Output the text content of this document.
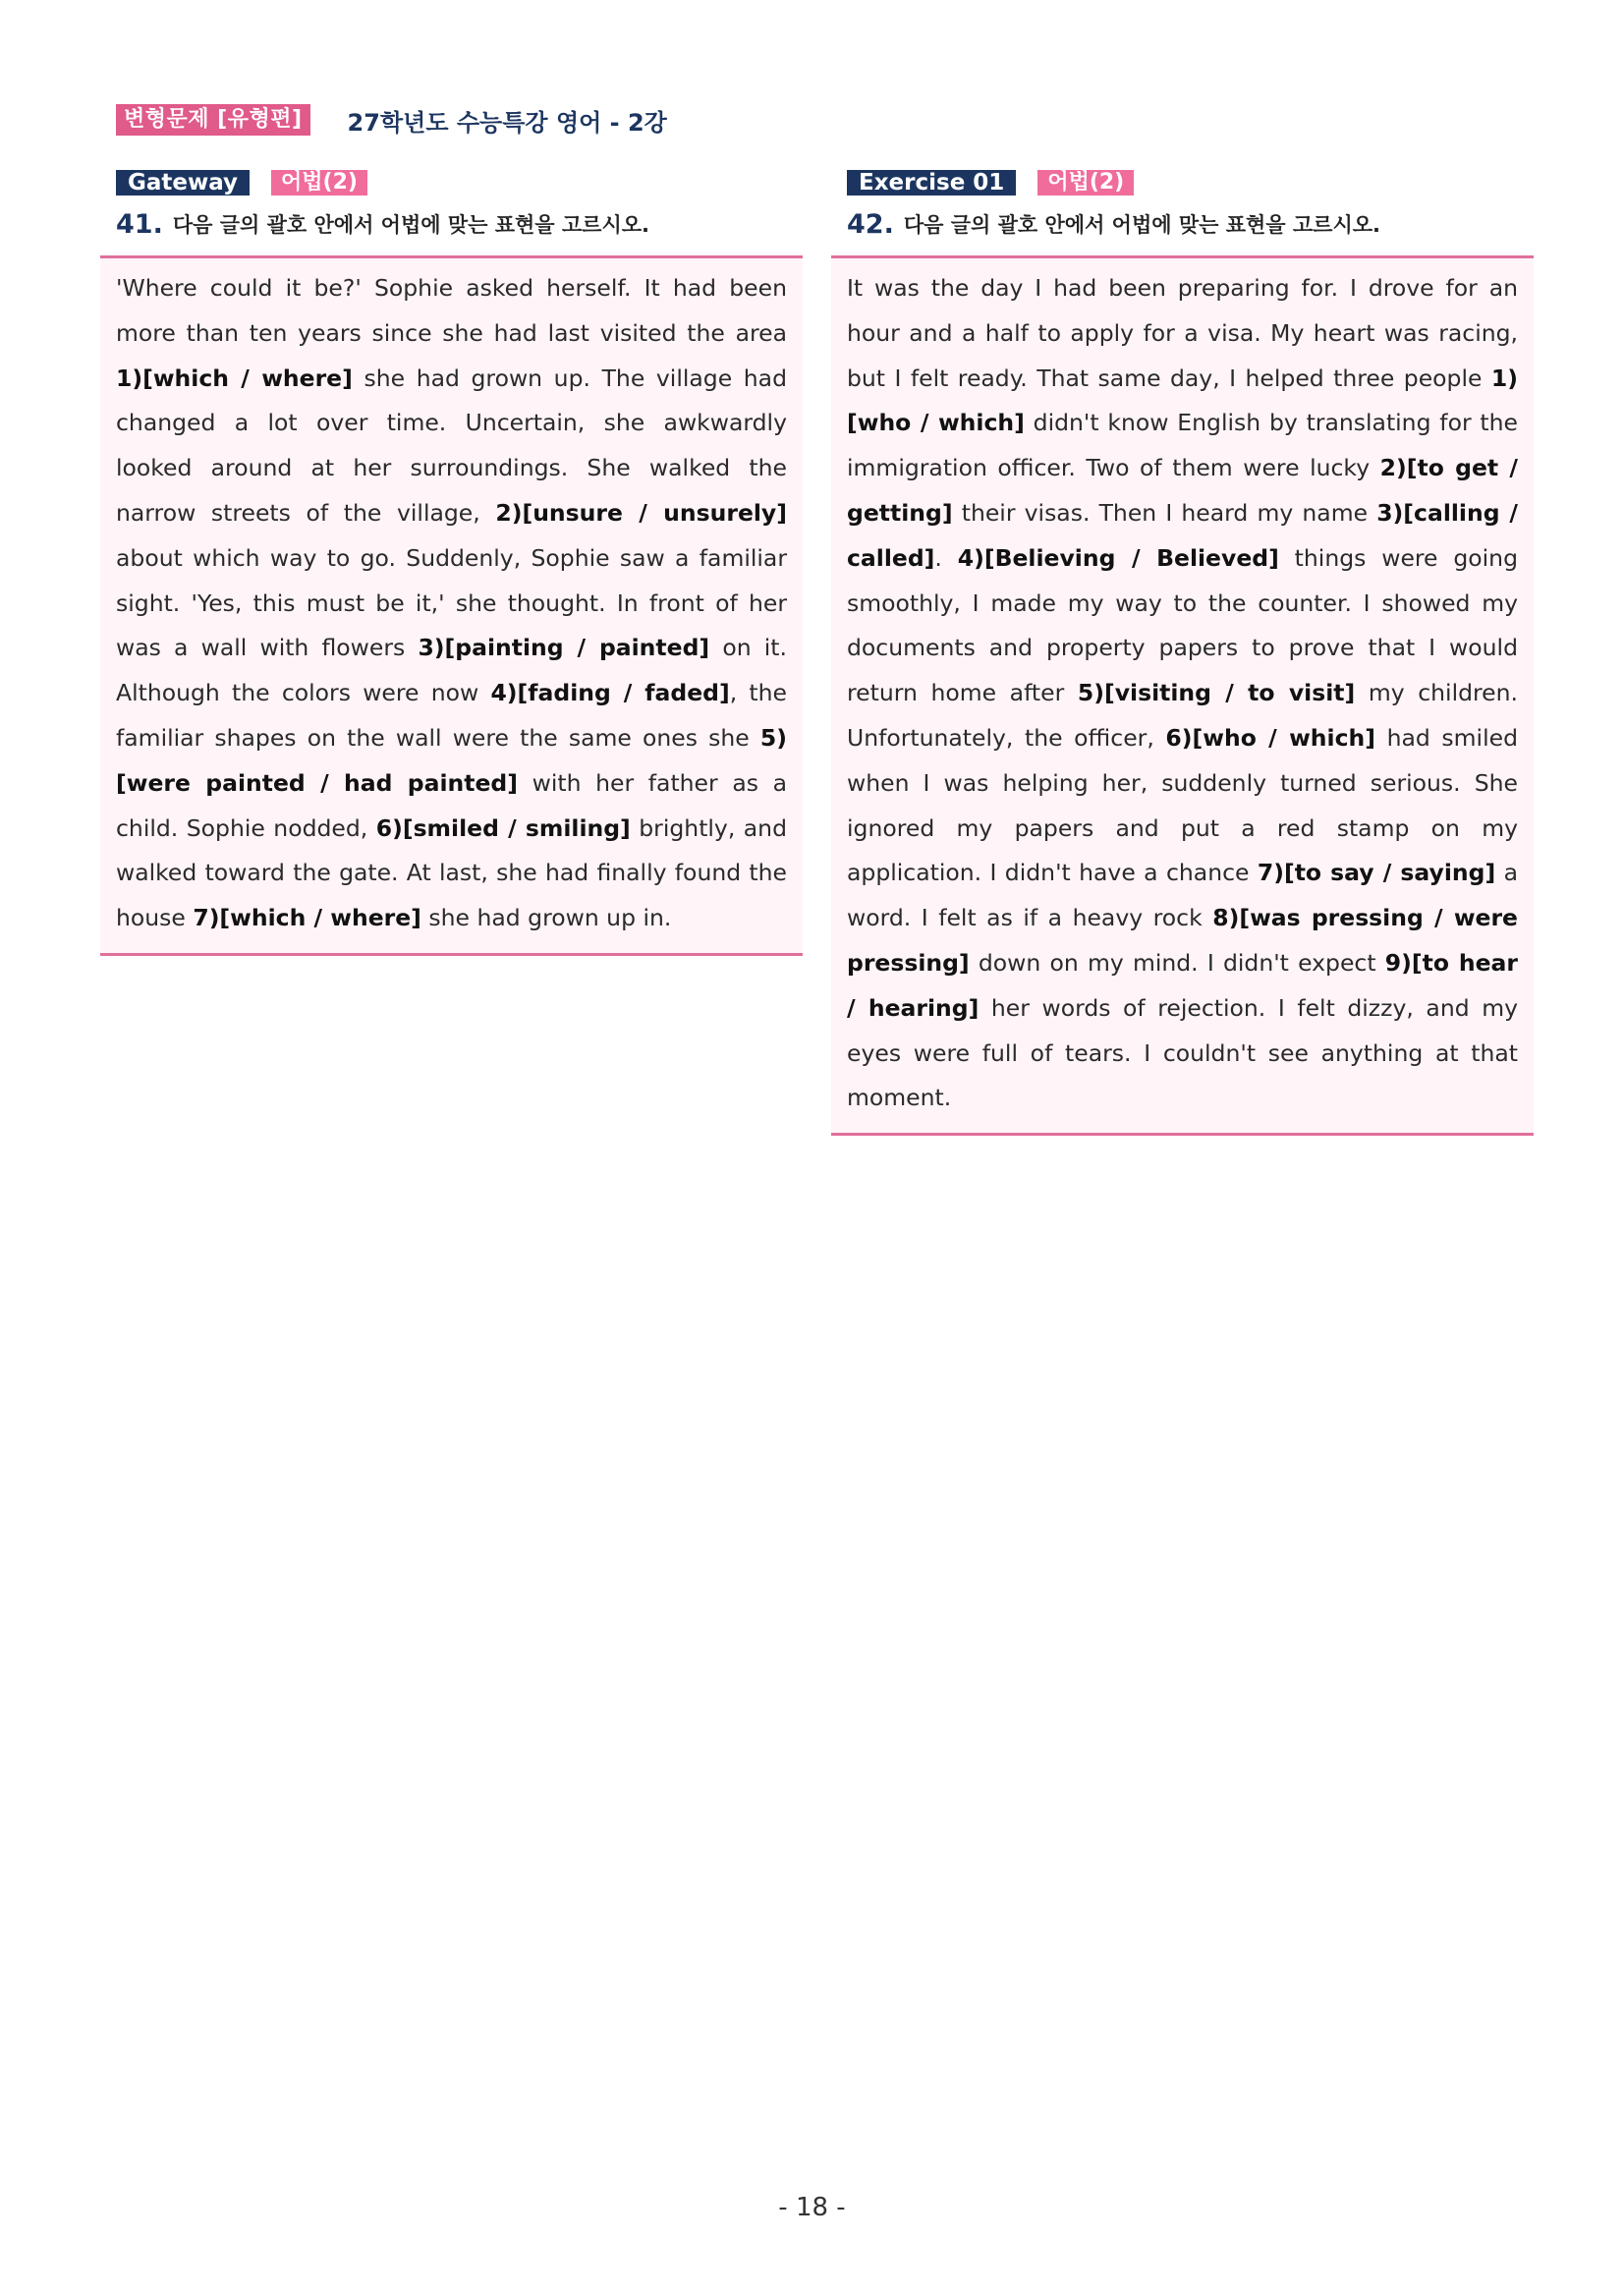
변형문제 [유형편]	27학년도 수능특강 영어 - 2강
Gateway	어법(2)
41. 다음 글의 괄호 안에서 어법에 맞는 표현을 고르시오.

'Where could it be?' Sophie asked herself. It had been more than ten years since she had last visited the area 1)[which / where] she had grown up. The village had changed a lot over time. Uncertain, she awkwardly looked around at her surroundings. She walked the narrow streets of the village, 2)[unsure / unsurely] about which way to go. Suddenly, Sophie saw a familiar sight. 'Yes, this must be it,' she thought. In front of her was a wall with flowers 3)[painting / painted] on it. Although the colors were now 4)[fading / faded], the familiar shapes on the wall were the same ones she 5)[were painted / had painted] with her father as a child. Sophie nodded, 6)[smiled / smiling] brightly, and walked toward the gate. At last, she had finally found the house 7)[which / where] she had grown up in.

Exercise 01	어법(2)
42. 다음 글의 괄호 안에서 어법에 맞는 표현을 고르시오.

It was the day I had been preparing for. I drove for an hour and a half to apply for a visa. My heart was racing, but I felt ready. That same day, I helped three people 1)[who / which] didn't know English by translating for the immigration officer. Two of them were lucky 2)[to get / getting] their visas. Then I heard my name 3)[calling / called]. 4)[Believing / Believed] things were going smoothly, I made my way to the counter. I showed my documents and property papers to prove that I would return home after 5)[visiting / to visit] my children. Unfortunately, the officer, 6)[who / which] had smiled when I was helping her, suddenly turned serious. She ignored my papers and put a red stamp on my application. I didn't have a chance 7)[to say / saying] a word. I felt as if a heavy rock 8)[was pressing / were pressing] down on my mind. I didn't expect 9)[to hear / hearing] her words of rejection. I felt dizzy, and my eyes were full of tears. I couldn't see anything at that moment.

- 18 -
